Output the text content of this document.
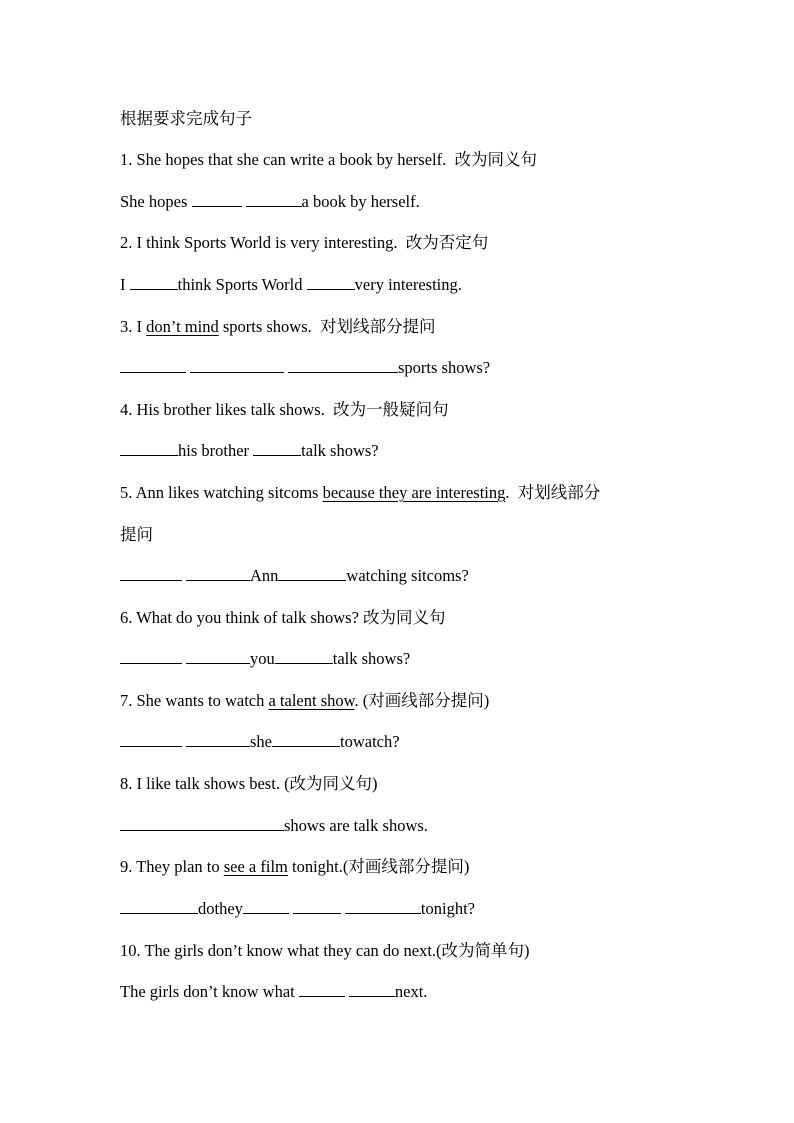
根据要求完成句子
1. She hopes that she can write a book by herself. 改为同义句
She hopes	a book by herself.
2. I think Sports World is very interesting. 改为否定句
I	think Sports World	very interesting.
3. I don’t mind sports shows. 对划线部分提问
sports shows?
4. His brother likes talk shows. 改为一般疑问句
his brother	talk shows?
5. Ann likes watching sitcoms because they are interesting. 对划线部分
提问
Ann	watching sitcoms?
6. What do you think of talk shows? 改为同义句
you	talk shows?
7. She wants to watch a talent show. (对画线部分提问)
she	towatch?
8. I like talk shows best. (改为同义句)
shows are talk shows.
9. They plan to see a film tonight.(对画线部分提问)
dothey	tonight?
10. The girls don’t know what they can do next.(改为简单句)
The girls don’t know what	next.
